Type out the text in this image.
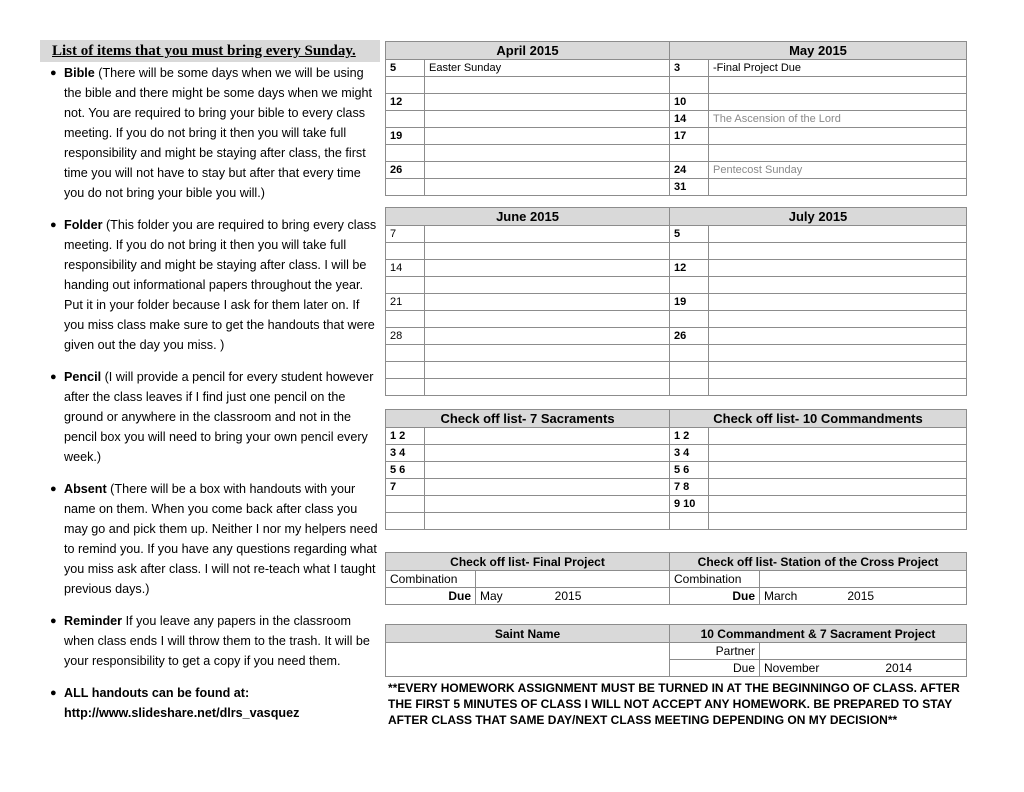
List of items that you must bring every Sunday.
● Bible (There will be some days when we will be using the bible and there might be some days when we might not. You are required to bring your bible to every class meeting. If you do not bring it then you will take full responsibility and might be staying after class, the first time you will not have to stay but after that every time you do not bring your bible you will.)
● Folder (This folder you are required to bring every class meeting. If you do not bring it then you will take full responsibility and might be staying after class. I will be handing out informational papers throughout the year. Put it in your folder because I ask for them later on. If you miss class make sure to get the handouts that were given out the day you miss. )
● Pencil (I will provide a pencil for every student however after the class leaves if I find just one pencil on the ground or anywhere in the classroom and not in the pencil box you will need to bring your own pencil every week.)
● Absent (There will be a box with handouts with your name on them. When you come back after class you may go and pick them up. Neither I nor my helpers need to remind you. If you have any questions regarding what you miss ask after class. I will not re-teach what I taught previous days.)
● Reminder If you leave any papers in the classroom when class ends I will throw them to the trash. It will be your responsibility to get a copy if you need them.
● ALL handouts can be found at:
http://www.slideshare.net/dlrs_vasquez
April 2015		May 2015	
5	Easter Sunday	3	-Final Project Due

12		10	
		14	The Ascension of the Lord
19		17	

26		24	Pentecost Sunday
		31	
June 2015		July 2015	
7		5	

14		12	

21		19	

28		26	

Check off list- 7 Sacraments		Check off list- 10 Commandments	
1 2		1 2	
3 4		3 4	
5 6		5 6	
7		7 8	
		9 10	

Check off list- Final Project		Check off list- Station of the Cross Project	
Combination		Combination	
Due	May 2015	Due	March 2015
Saint Name	10 Commandment & 7 Sacrament Project	
	Partner	
	Due	November 2014
**EVERY HOMEWORK ASSIGNMENT MUST BE TURNED IN AT THE BEGINNINGO OF CLASS. AFTER THE FIRST 5 MINUTES OF CLASS I WILL NOT ACCEPT ANY HOMEWORK. BE PREPARED TO STAY AFTER CLASS THAT SAME DAY/NEXT CLASS MEETING DEPENDING ON MY DECISION**
